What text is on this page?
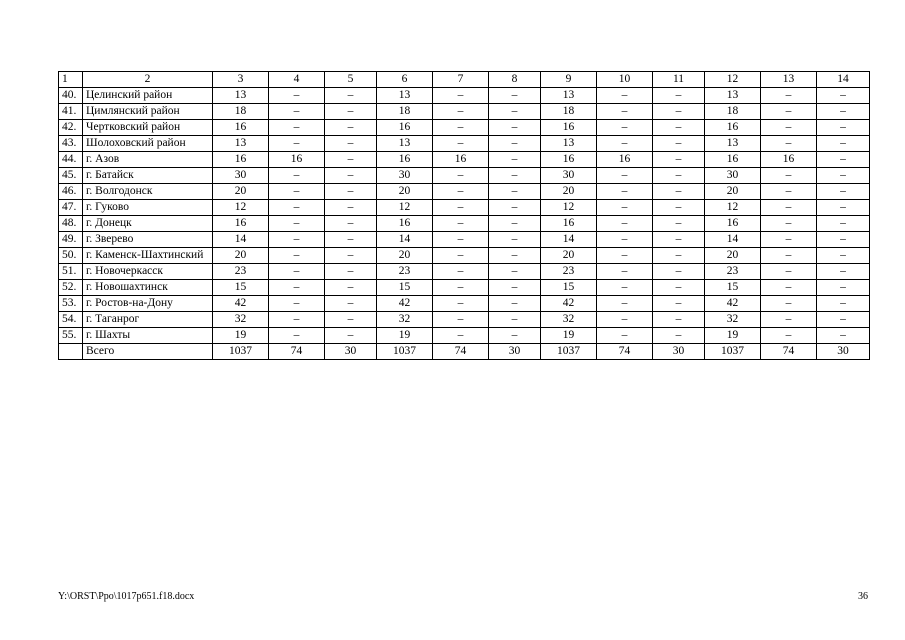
1	2	3	4	5	6	7	8	9	10	11	12	13	14
40.	Целинский район	13	–	–	13	–	–	13	–	–	13	–	–
41.	Цимлянский район	18	–	–	18	–	–	18	–	–	18	–	–
42.	Чертковский район	16	–	–	16	–	–	16	–	–	16	–	–
43.	Шолоховский район	13	–	–	13	–	–	13	–	–	13	–	–
44.	г. Азов	16	16	–	16	16	–	16	16	–	16	16	–
45.	г. Батайск	30	–	–	30	–	–	30	–	–	30	–	–
46.	г. Волгодонск	20	–	–	20	–	–	20	–	–	20	–	–
47.	г. Гуково	12	–	–	12	–	–	12	–	–	12	–	–
48.	г. Донецк	16	–	–	16	–	–	16	–	–	16	–	–
49.	г. Зверево	14	–	–	14	–	–	14	–	–	14	–	–
50.	г. Каменск-Шахтинский	20	–	–	20	–	–	20	–	–	20	–	–
51.	г. Новочеркасск	23	–	–	23	–	–	23	–	–	23	–	–
52.	г. Новошахтинск	15	–	–	15	–	–	15	–	–	15	–	–
53.	г. Ростов-на-Дону	42	–	–	42	–	–	42	–	–	42	–	–
54.	г. Таганрог	32	–	–	32	–	–	32	–	–	32	–	–
55.	г. Шахты	19	–	–	19	–	–	19	–	–	19	–	–
	Всего	1037	74	30	1037	74	30	1037	74	30	1037	74	30
Y:\ORST\Ppo\1017p651.f18.docx	36
